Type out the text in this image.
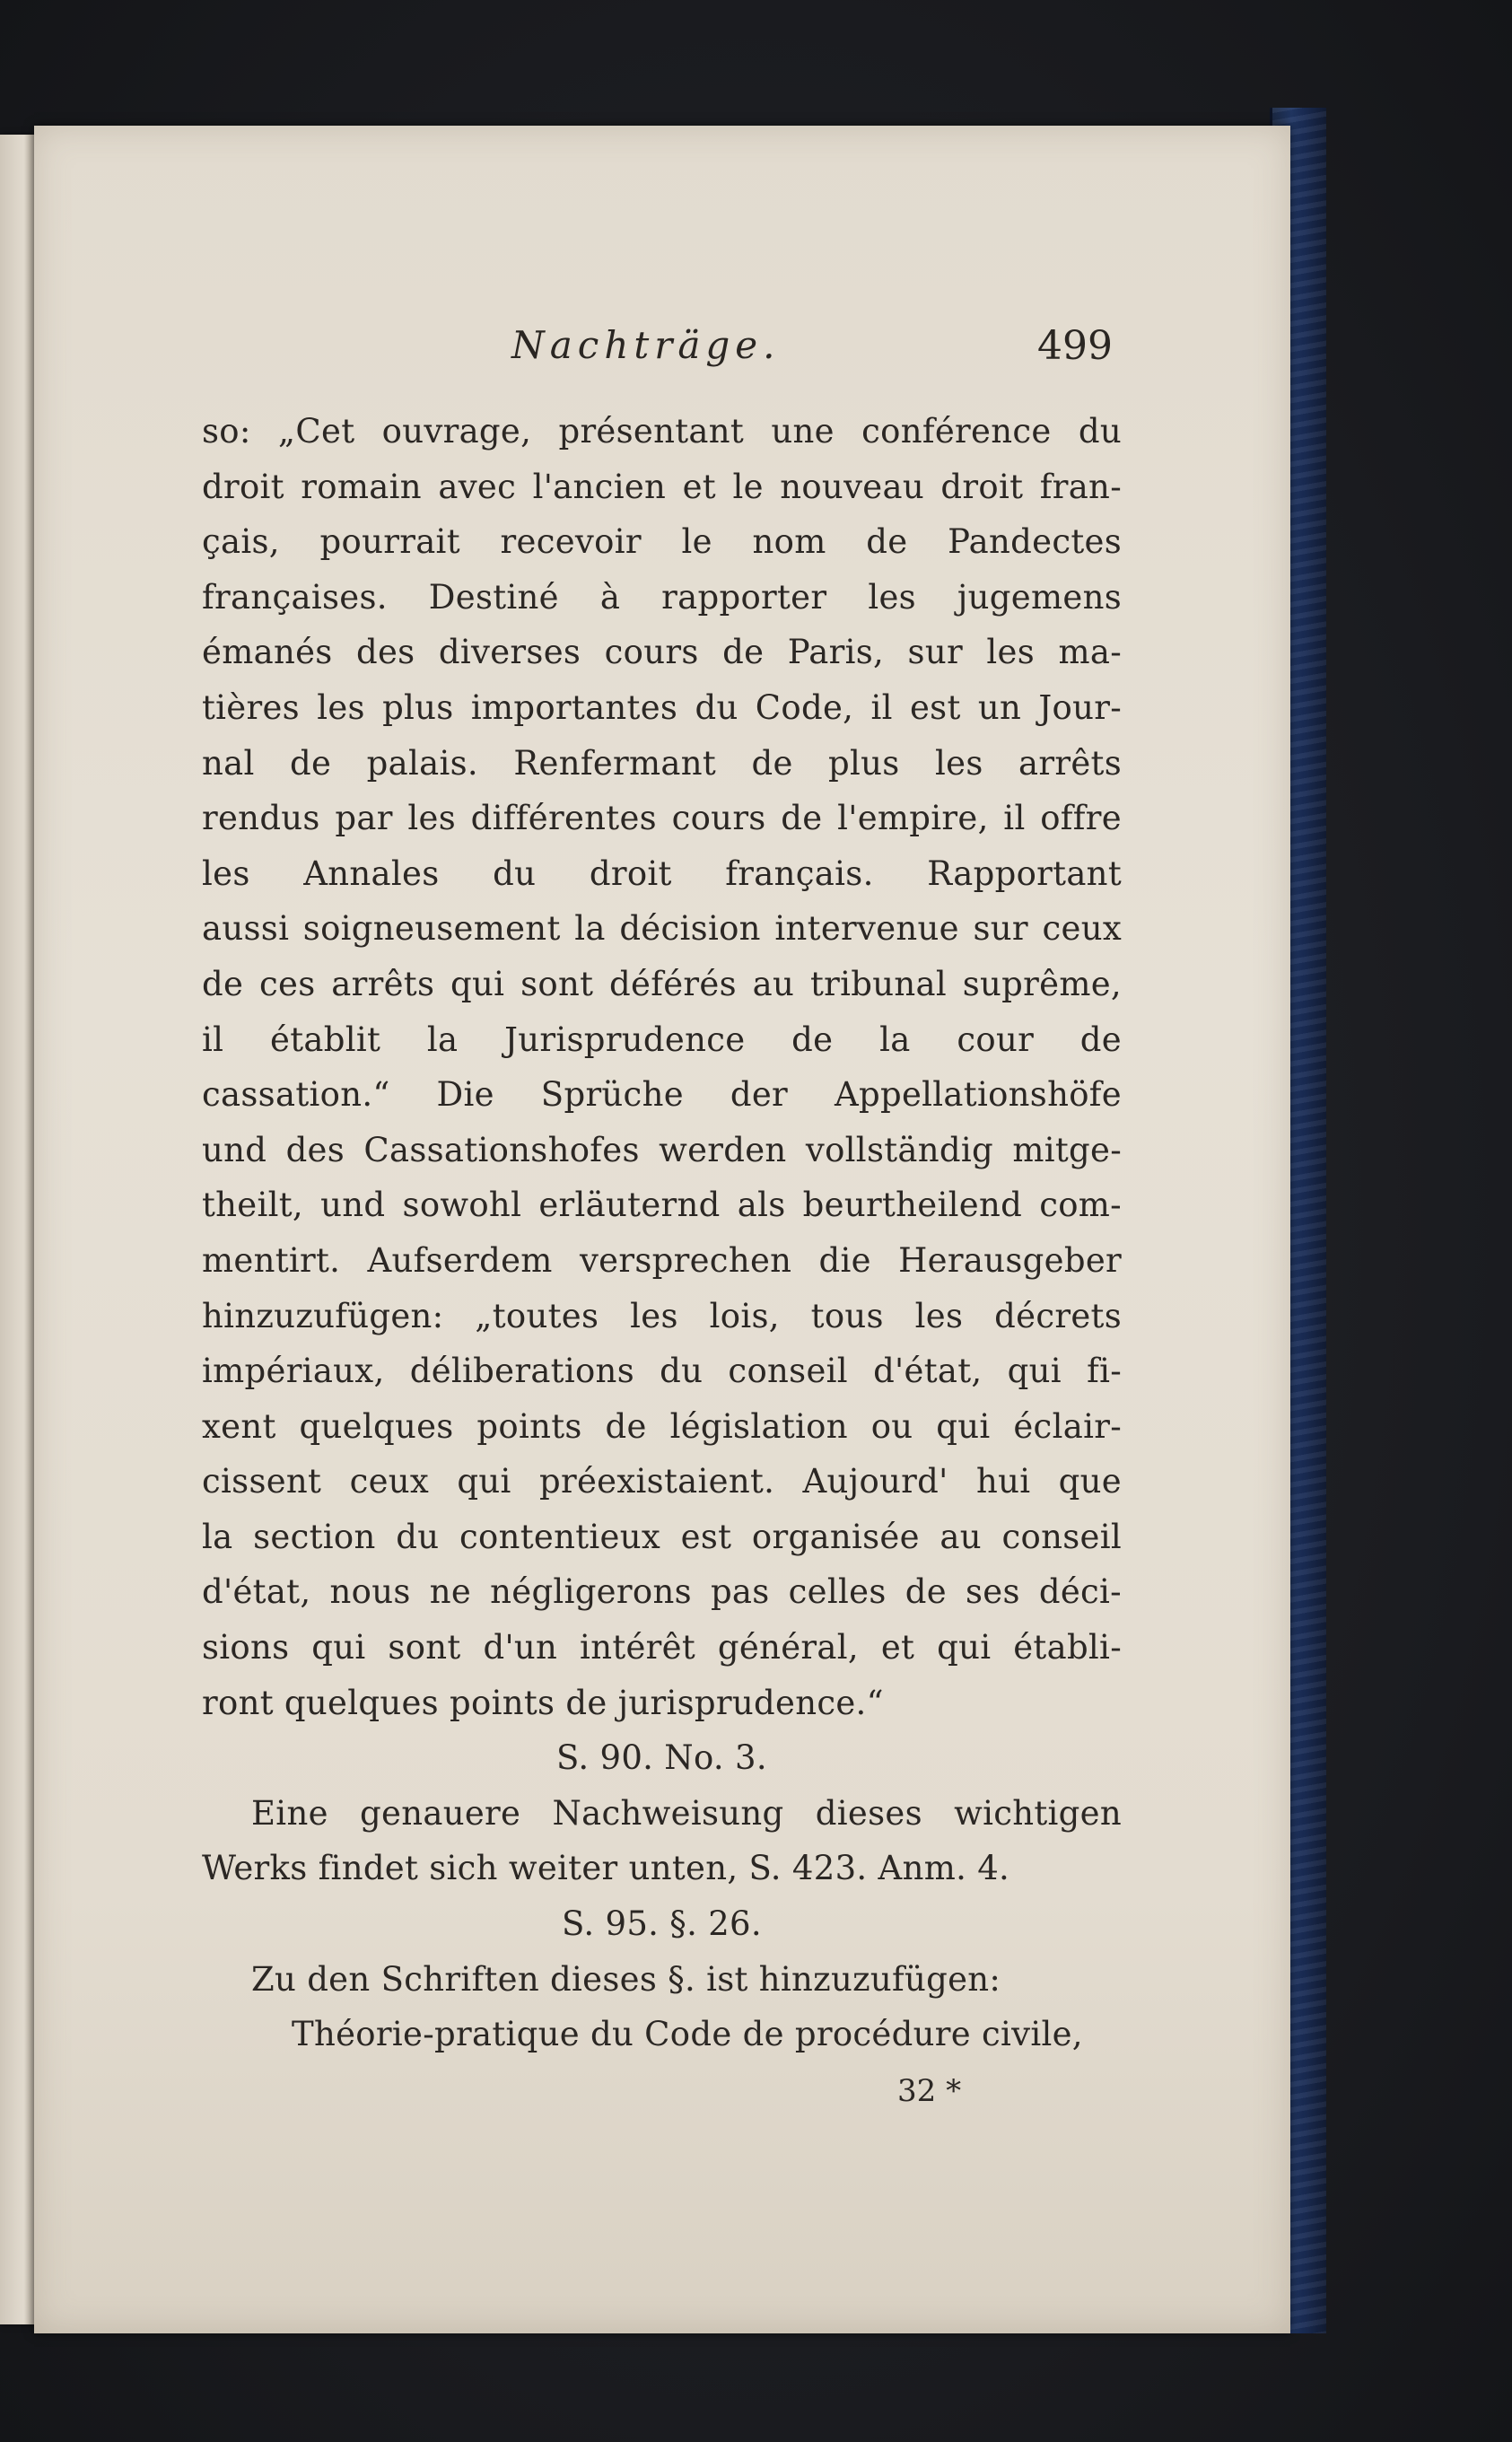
Nachträge.	499
so: „Cet ouvrage, présentant une conférence du
droit romain avec l'ancien et le nouveau droit fran-
çais, pourrait recevoir le nom de Pandectes
françaises. Destiné à rapporter les jugemens
émanés des diverses cours de Paris, sur les ma-
tières les plus importantes du Code, il est un Jour-
nal de palais. Renfermant de plus les arrêts
rendus par les différentes cours de l'empire, il offre
les Annales du droit français. Rapportant
aussi soigneusement la décision intervenue sur ceux
de ces arrêts qui sont déférés au tribunal suprême,
il établit la Jurisprudence de la cour de
cassation.“ Die Sprüche der Appellationshöfe
und des Cassationshofes werden vollständig mitge-
theilt, und sowohl erläuternd als beurtheilend com-
mentirt. Aufserdem versprechen die Herausgeber
hinzuzufügen: „toutes les lois, tous les décrets
impériaux, déliberations du conseil d'état, qui fi-
xent quelques points de législation ou qui éclair-
cissent ceux qui préexistaient. Aujourd' hui que
la section du contentieux est organisée au conseil
d'état, nous ne négligerons pas celles de ses déci-
sions qui sont d'un intérêt général, et qui établi-
ront quelques points de jurisprudence.“
S. 90. No. 3.
Eine genauere Nachweisung dieses wichtigen
Werks findet sich weiter unten, S. 423. Anm. 4.
S. 95. §. 26.
Zu den Schriften dieses §. ist hinzuzufügen:
Théorie-pratique du Code de procédure civile,
32 *
